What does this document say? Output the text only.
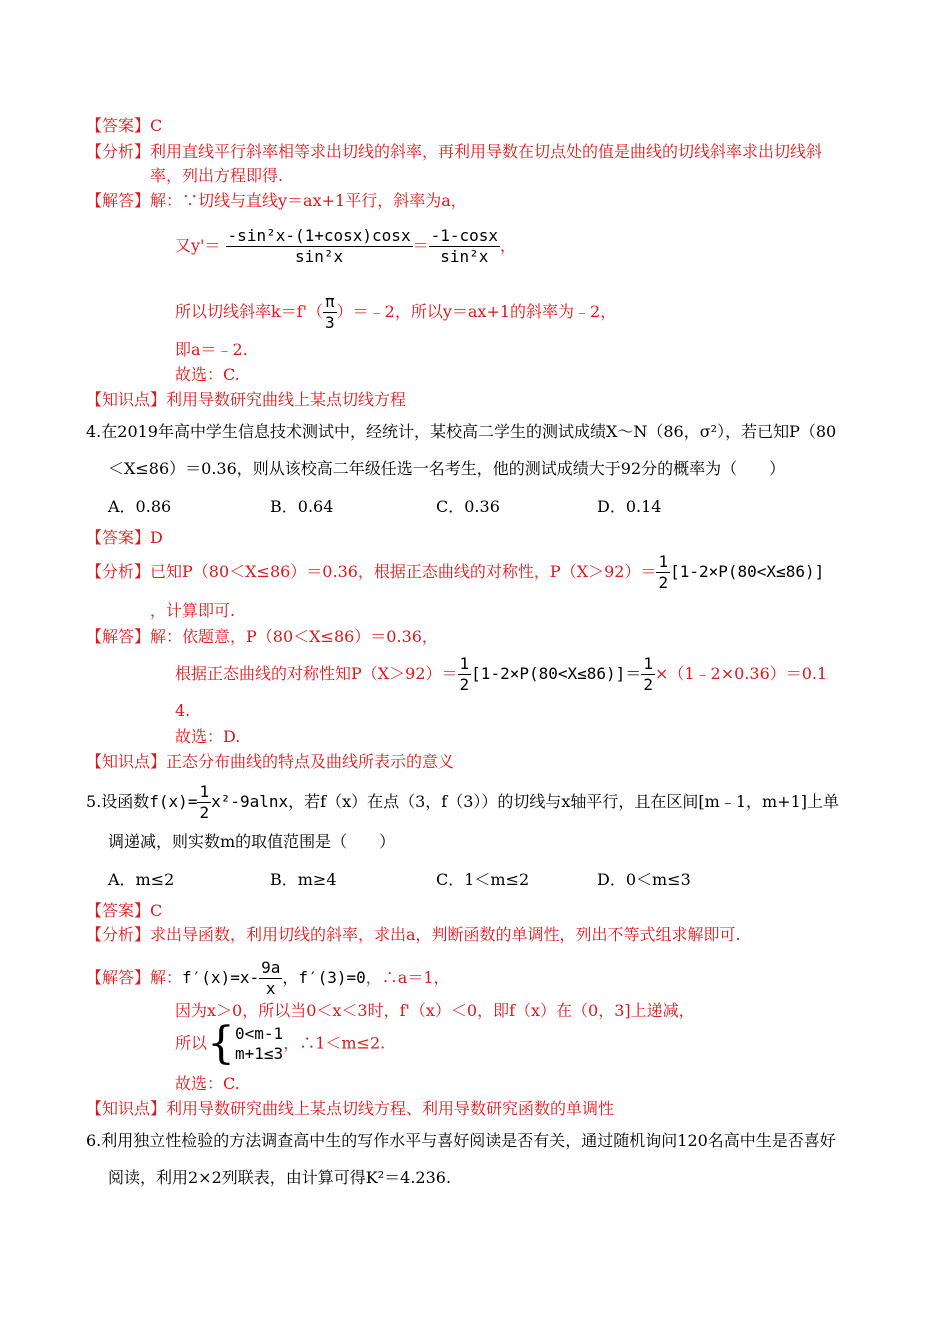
【答案】C
【分析】利用直线平行斜率相等求出切线的斜率，再利用导数在切点处的值是曲线的切线斜率求出切线斜
率，列出方程即得.
【解答】解：∵切线与直线y＝ax+1平行，斜率为a，
又$y'= \frac{\text{-sin²x-(1+cosx)cosx}}{\text{sin²x}} = \frac{-1-\cos x}{\text{sin²x}}$ ，
所以切线斜率$k=f'( \frac{\pi}{3}$ ）＝﹣2，所以y＝ax+1的斜率为﹣2，
即a＝﹣2.
故选：C.
【知识点】利用导数研究曲线上某点切线方程
4.在2019年高中学生信息技术测试中，经统计，某校高二学生的测试成绩X～N（86，σ²），若已知P（80
＜X≤86）＝0.36，则从该校高二年级任选一名考生，他的测试成绩大于92分的概率为（　　）
A．0.86	B．0.64	C．0.36	D．0.14
【答案】D
【分析】已知P（80＜X≤86）＝0.36，根据正态曲线的对称性，$P(X>92)= \frac{1}{2} [1-2\times P(80<X\le 86)]$
，计算即可.
【解答】解：依题意，P（80＜X≤86）＝0.36，
根据正态曲线的对称性知$P(X>92)= \frac{1}{2} [1-2\times P(80<X\le 86)]= \frac{1}{2}$ ×（1﹣2×0.36）＝0.1
4.
故选：D.
【知识点】正态分布曲线的特点及曲线所表示的意义
5.设函数$f(x)= \frac{1}{2} x^2-9alnx$，若f（x）在点（3，f（3））的切线与x轴平行，且在区间[m﹣1，m+1]上单
调递减，则实数m的取值范围是（　　）
A．m≤2	B．m≥4	C．1＜m≤2	D．0＜m≤3
【答案】C
【分析】求出导函数，利用切线的斜率，求出a，判断函数的单调性，列出不等式组求解即可.
【解答】解：$f'(x)=x- \frac{9a}{x}$ ，f′(3)=0，∴a＝1，
因为x＞0，所以当0＜x＜3时，f'（x）＜0，即f（x）在（0，3]上递减，
所以{ 0<m-1
m+1≤3
，∴1＜m≤2.
故选：C.
【知识点】利用导数研究曲线上某点切线方程、利用导数研究函数的单调性
6.利用独立性检验的方法调查高中生的写作水平与喜好阅读是否有关，通过随机询问120名高中生是否喜好
阅读，利用2×2列联表，由计算可得K²＝4.236.
